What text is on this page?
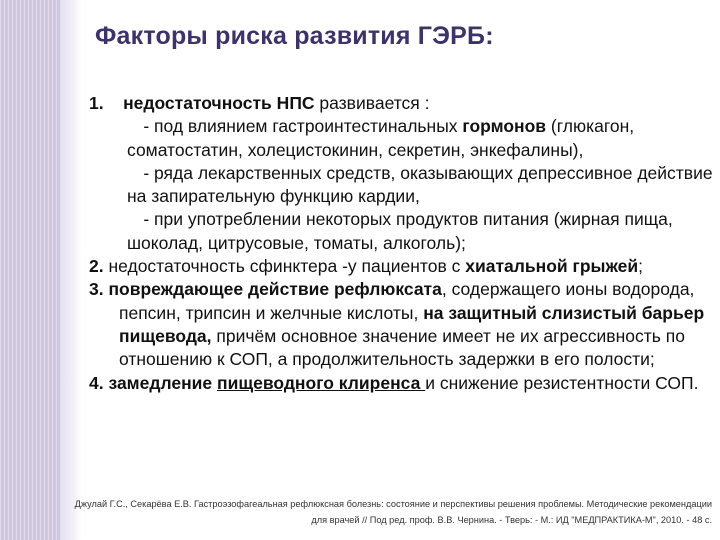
Факторы риска развития ГЭРБ:

1. недостаточность НПС развивается :

- под влиянием гастроинтестинальных гормонов (глюкагон, соматостатин, холецистокинин, секретин, энкефалины),

- ряда лекарственных средств, оказывающих депрессивное действие на запирательную функцию кардии,

- при употреблении некоторых продуктов питания (жирная пища, шоколад, цитрусовые, томаты, алкоголь);

2. недостаточность сфинктера -у пациентов с хиатальной грыжей;

3. повреждающее действие рефлюксата, содержащего ионы водорода, пепсин, трипсин и желчные кислоты, на защитный слизистый барьер пищевода, причём основное значение имеет не их агрессивность по отношению к СОП, а продолжительность задержки в его полости;

4. замедление пищеводного клиренса и снижение резистентности СОП.

Джулай Г.С., Секарёва Е.В. Гастроэзофагеальная рефлюксная болезнь: состояние и перспективы решения проблемы. Методические рекомендации для врачей // Под ред. проф. В.В. Чернина. - Тверь: - М.: ИД "МЕДПРАКТИКА-М", 2010. - 48 с.
